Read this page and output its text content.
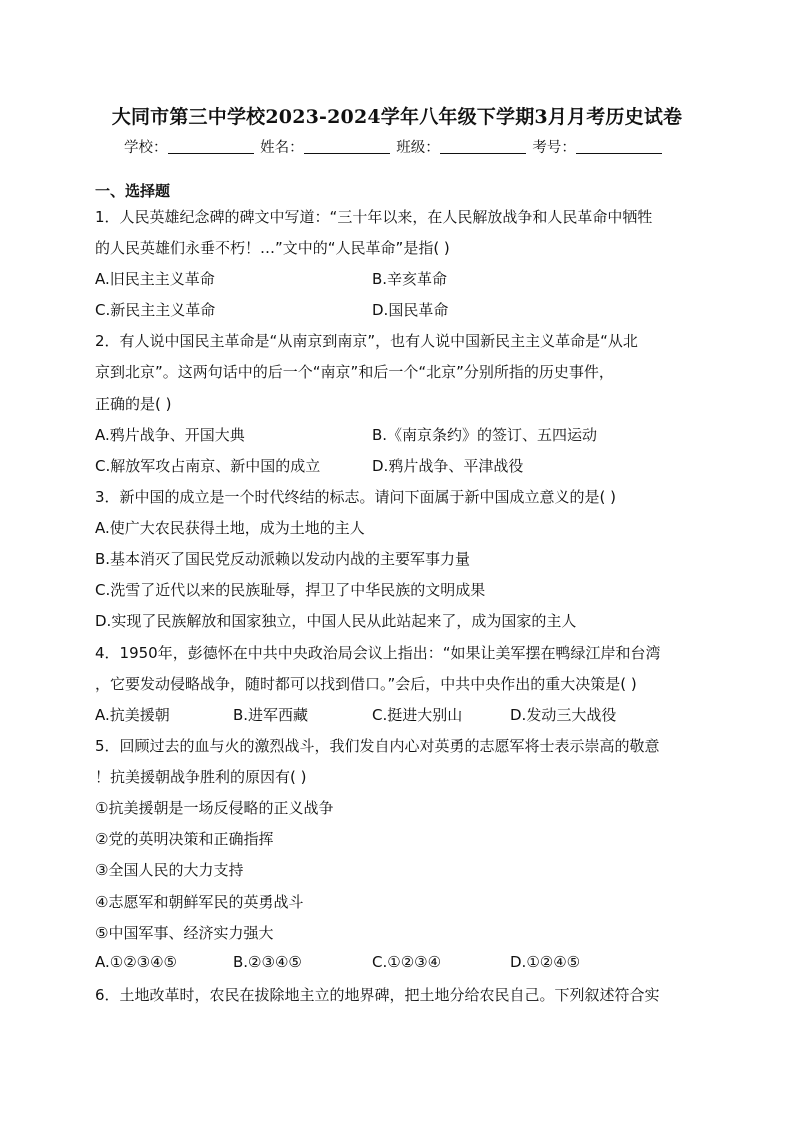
大同市第三中学校2023-2024学年八年级下学期3月月考历史试卷
学校：	姓名：	班级：	考号：
一、选择题
1．人民英雄纪念碑的碑文中写道：“三十年以来，在人民解放战争和人民革命中牺牲
的人民英雄们永垂不朽！…”文中的“人民革命”是指( )
A.旧民主主义革命	B.辛亥革命
C.新民主主义革命	D.国民革命
2．有人说中国民主革命是“从南京到南京”，也有人说中国新民主主义革命是“从北
京到北京”。这两句话中的后一个“南京”和后一个“北京”分别所指的历史事件，
正确的是( )
A.鸦片战争、开国大典	B.《南京条约》的签订、五四运动
C.解放军攻占南京、新中国的成立	D.鸦片战争、平津战役
3．新中国的成立是一个时代终结的标志。请问下面属于新中国成立意义的是( )
A.使广大农民获得土地，成为土地的主人
B.基本消灭了国民党反动派赖以发动内战的主要军事力量
C.洗雪了近代以来的民族耻辱，捍卫了中华民族的文明成果
D.实现了民族解放和国家独立，中国人民从此站起来了，成为国家的主人
4．1950年，彭德怀在中共中央政治局会议上指出：“如果让美军摆在鸭绿江岸和台湾
，它要发动侵略战争，随时都可以找到借口。”会后，中共中央作出的重大决策是( )
A.抗美援朝	B.进军西藏	C.挺进大别山	D.发动三大战役
5．回顾过去的血与火的激烈战斗，我们发自内心对英勇的志愿军将士表示崇高的敬意
！抗美援朝战争胜利的原因有( )
①抗美援朝是一场反侵略的正义战争
②党的英明决策和正确指挥
③全国人民的大力支持
④志愿军和朝鲜军民的英勇战斗
⑤中国军事、经济实力强大
A.①②③④⑤	B.②③④⑤	C.①②③④	D.①②④⑤
6．土地改革时，农民在拔除地主立的地界碑，把土地分给农民自己。下列叙述符合实
